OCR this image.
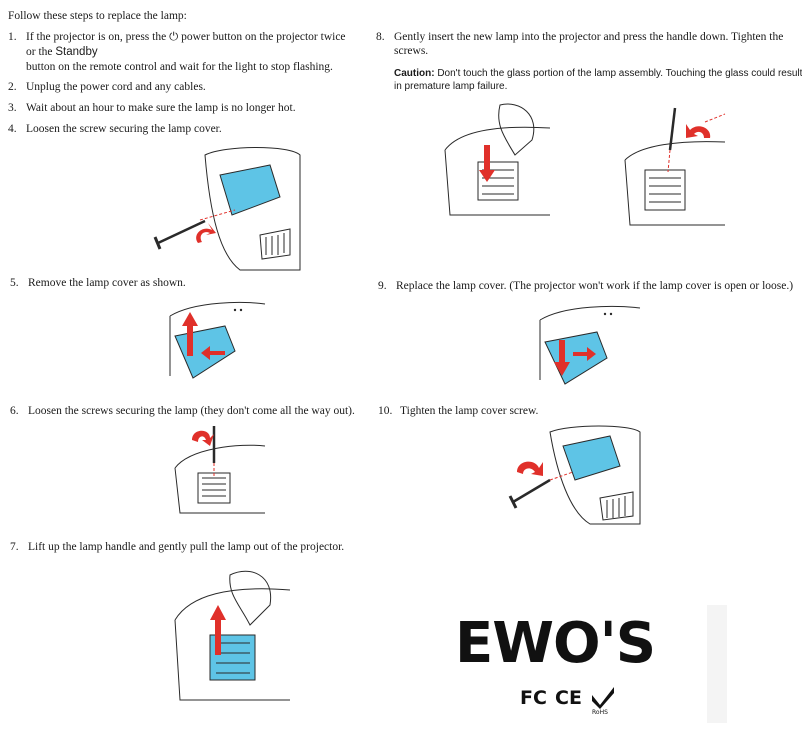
Follow these steps to replace the lamp:
1. If the projector is on, press the ⏻ power button on the projector twice
or the Standby
button on the remote control and wait for the light to stop flashing.
2. Unplug the power cord and any cables.
3. Wait about an hour to make sure the lamp is no longer hot.
4. Loosen the screw securing the lamp cover.
5. Remove the lamp cover as shown.
6. Loosen the screws securing the lamp (they don't come all the way out).
7. Lift up the lamp handle and gently pull the lamp out of the projector.
8. Gently insert the new lamp into the projector and press the handle down. Tighten the
screws.
Caution: Don't touch the glass portion of the lamp assembly. Touching the glass could result
in premature lamp failure.
9. Replace the lamp cover. (The projector won't work if the lamp cover is open or loose.)
10. Tighten the lamp cover screw.
EWO'S
FC CE
RoHS
